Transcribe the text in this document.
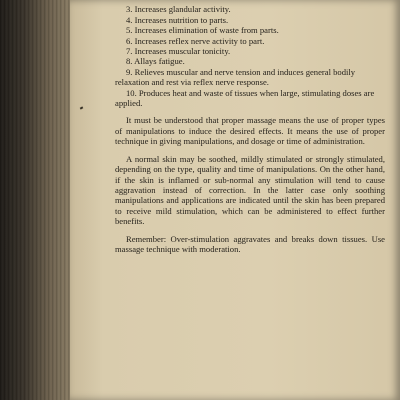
3. Increases glandular activity.
4. Increases nutrition to parts.
5. Increases elimination of waste from parts.
6. Increases reflex nerve activity to part.
7. Increases muscular tonicity.
8. Allays fatigue.
9. Relieves muscular and nerve tension and induces general bodily relaxation and rest via reflex nerve response.
10. Produces heat and waste of tissues when large, stimulating doses are applied.

It must be understood that proper massage means the use of proper types of manipulations to induce the desired effects. It means the use of proper technique in giving manipulations, and dosage or time of administration.

A normal skin may be soothed, mildly stimulated or strongly stimulated, depending on the type, quality and time of manipulations. On the other hand, if the skin is inflamed or sub-normal any stimulation will tend to cause aggravation instead of correction. In the latter case only soothing manipulations and applications are indicated until the skin has been prepared to receive mild stimulation, which can be administered to effect further benefits.

Remember: Over-stimulation aggravates and breaks down tissues. Use massage technique with moderation.
